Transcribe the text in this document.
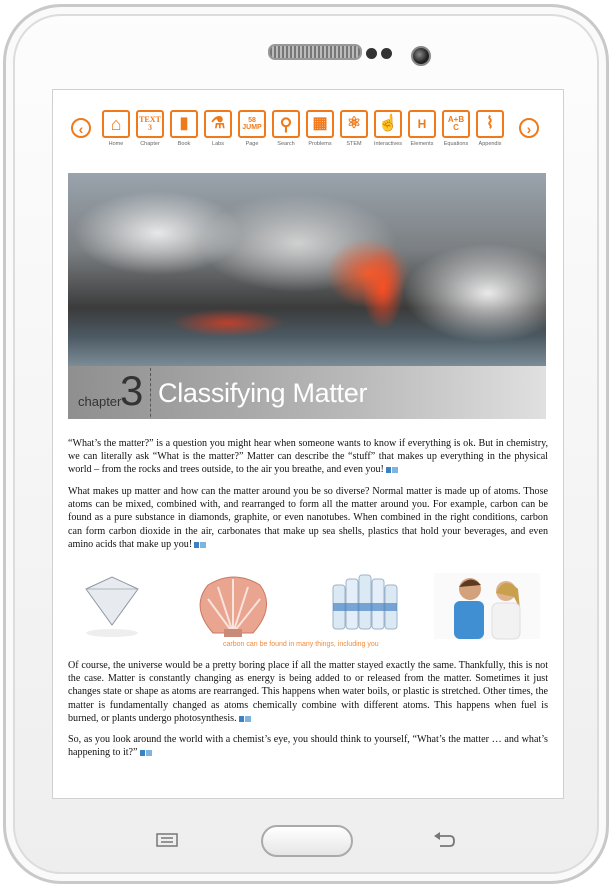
‹	⌂
Home
TEXT 3
Chapter
▮
Book
⚗
Labs
58 JUMP
Page
⚲
Search
▦
Problems
⚛
STEM
☝
Interactives
H
Elements
A+B C
Equations
⌇
Appendix
›
chapter
3 Classifying Matter
“What’s the matter?” is a question you might hear when someone wants to know if everything is ok. But in chemistry, we can literally ask “What is the matter?” Matter can describe the “stuff” that makes up everything in the physical world – from the rocks and trees outside, to the air you breathe, and even you!
What makes up matter and how can the matter around you be so diverse? Normal matter is made up of atoms. Those atoms can be mixed, combined with, and rearranged to form all the matter around you. For example, carbon can be found as a pure substance in diamonds, graphite, or even nanotubes. When combined in the right conditions, carbon can form carbon dioxide in the air, carbonates that make up sea shells, plastics that hold your beverages, and even amino acids that make up you!
carbon can be found in many things, including you
Of course, the universe would be a pretty boring place if all the matter stayed exactly the same. Thankfully, this is not the case. Matter is constantly changing as energy is being added to or released from the matter. Sometimes it just changes state or shape as atoms are rearranged. This happens when water boils, or plastic is stretched. Other times, the matter is fundamentally changed as atoms chemically combine with different atoms. This happens when fuel is burned, or plants undergo photosynthesis.
So, as you look around the world with a chemist’s eye, you should think to yourself, “What’s the matter … and what’s happening to it?”
